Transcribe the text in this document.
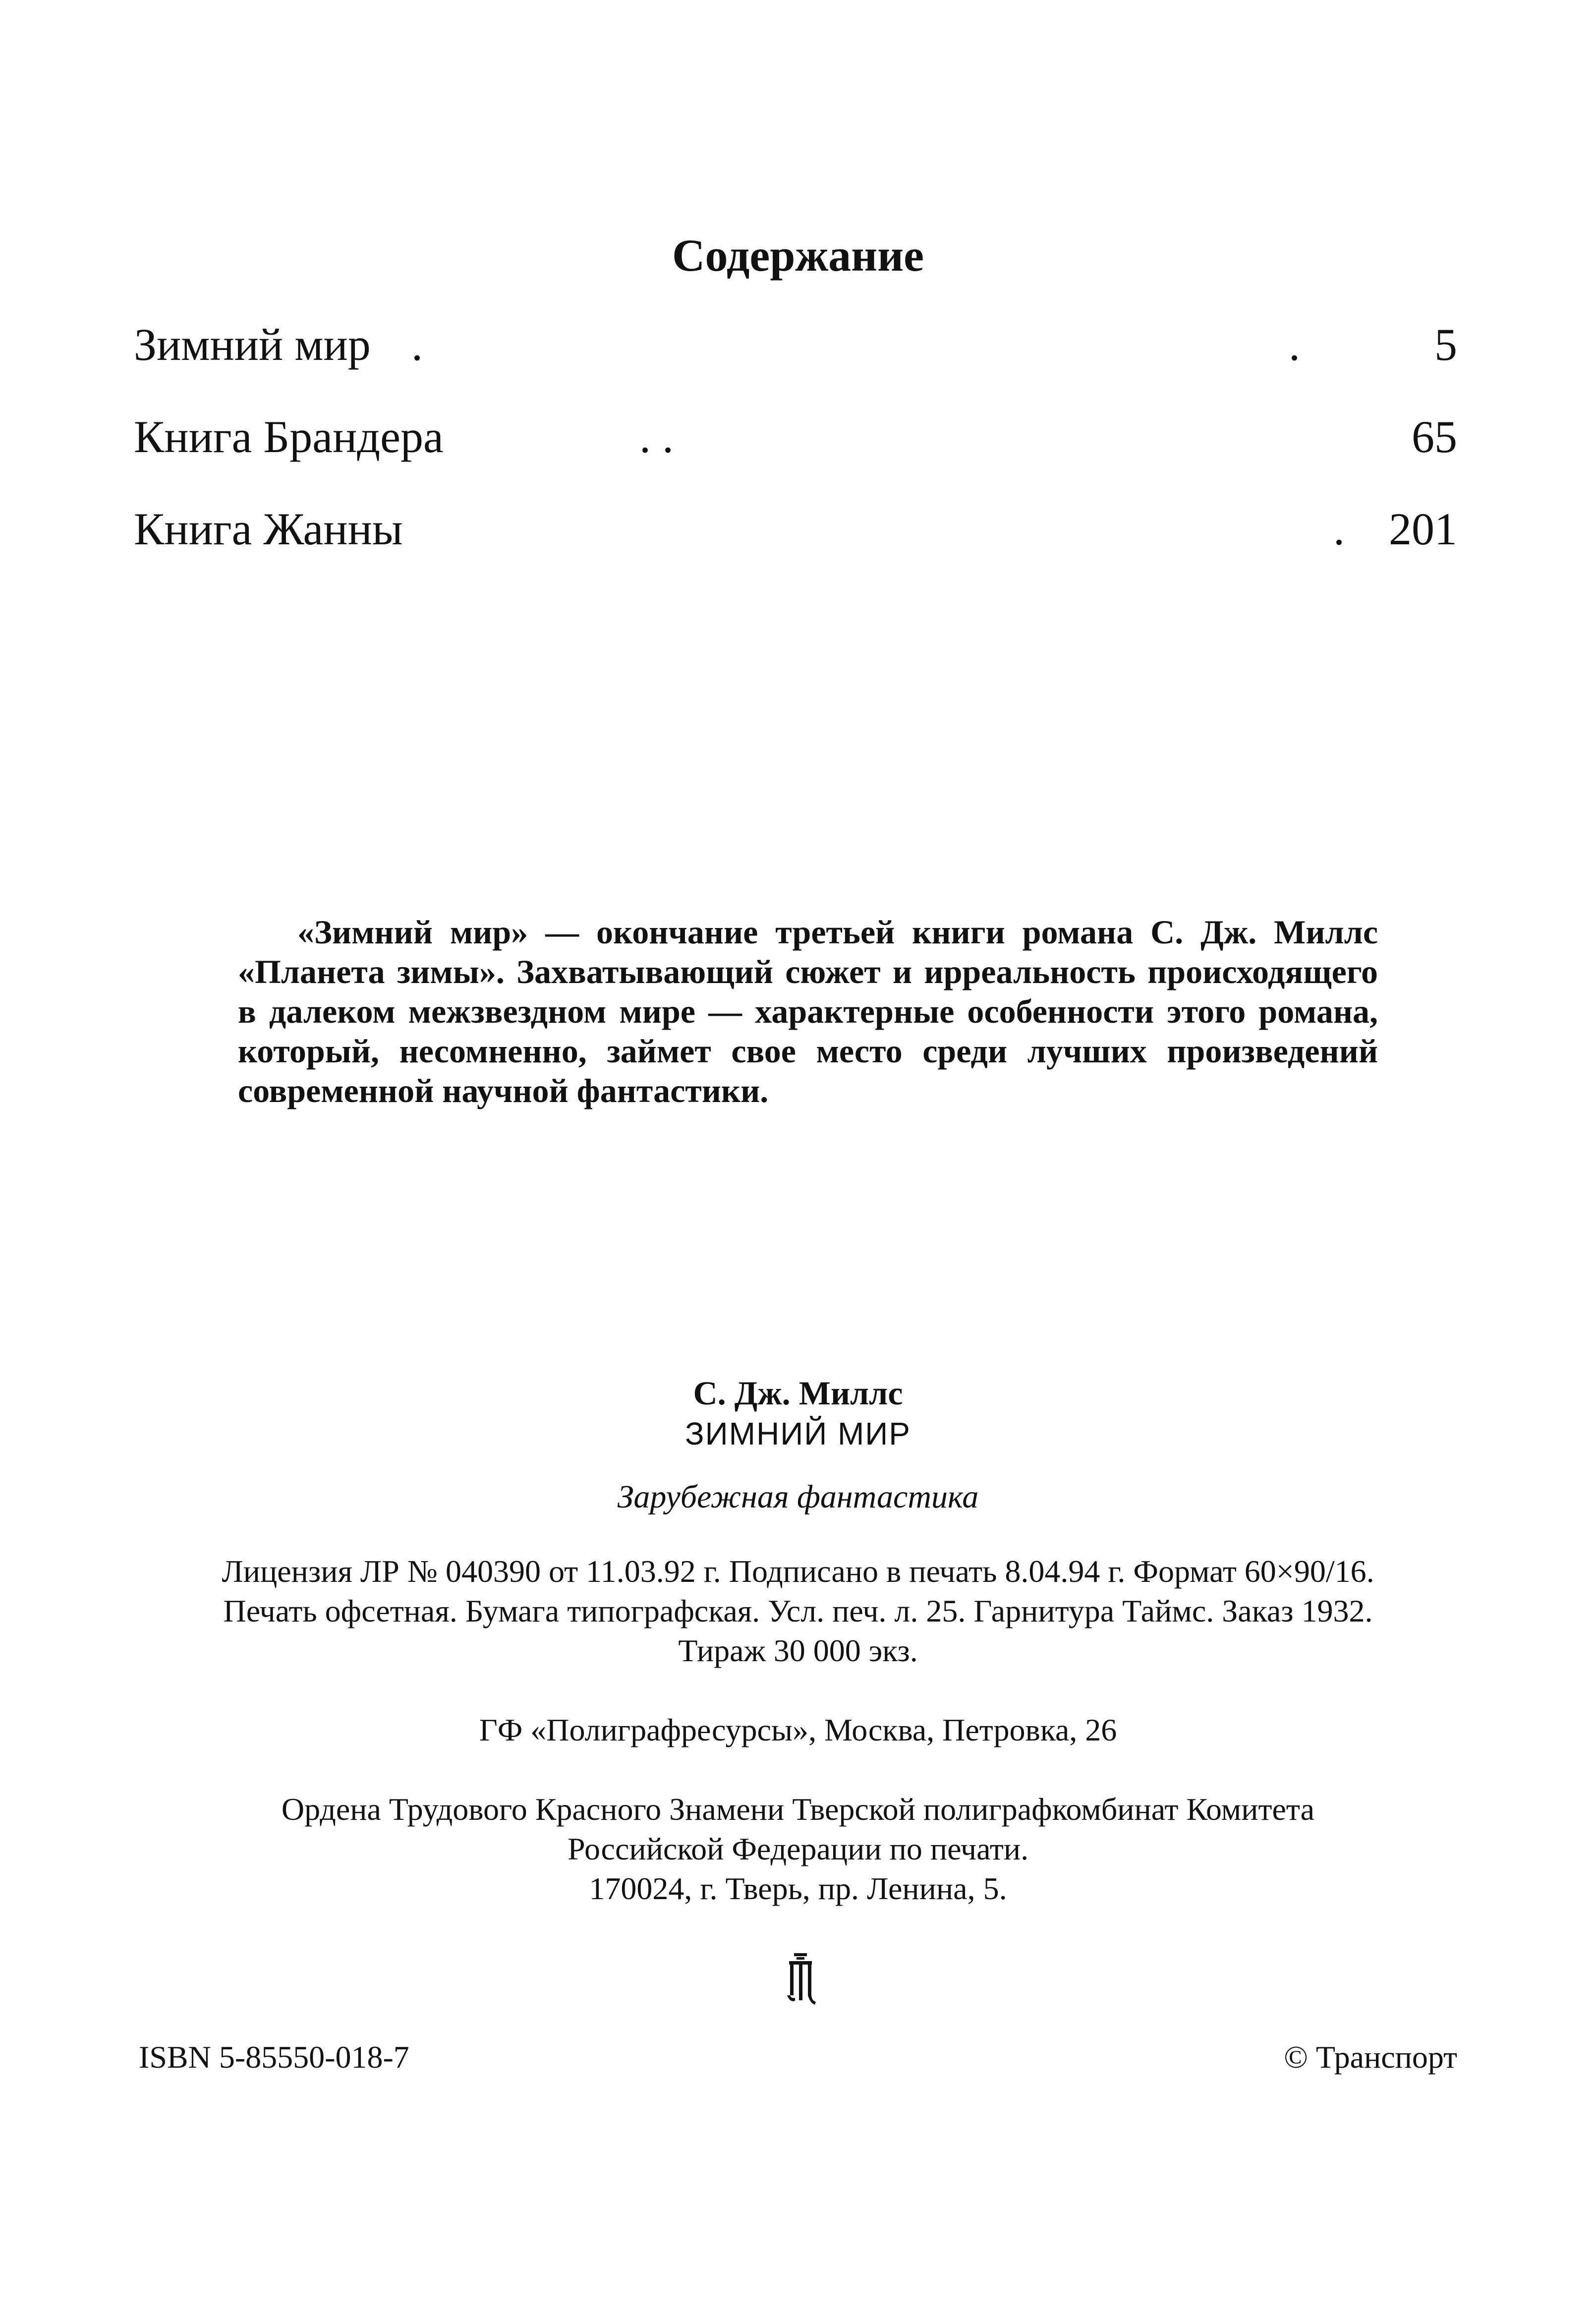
Содержание
Зимний мир .	.	5
Книга Брандера	. .	65
Книга Жанны	. 201
«Зимний мир» — окончание третьей книги романа С. Дж. Миллс «Планета зимы». Захватывающий сюжет и ирреальность происходящего в далеком межзвездном мире — характерные особенности этого романа, который, несомненно, займет свое место среди лучших произведений современной научной фантастики.
С. Дж. Миллс
ЗИМНИЙ МИР
Зарубежная фантастика
Лицензия ЛР № 040390 от 11.03.92 г. Подписано в печать 8.04.94 г. Формат 60×90/16.
Печать офсетная. Бумага типографская. Усл. печ. л. 25. Гарнитура Таймс. Заказ 1932.
Тираж 30 000 экз.
ГФ «Полиграфресурсы», Москва, Петровка, 26
Ордена Трудового Красного Знамени Тверской полиграфкомбинат Комитета
Российской Федерации по печати.
170024, г. Тверь, пр. Ленина, 5.
ISBN 5-85550-018-7	© Транспорт
